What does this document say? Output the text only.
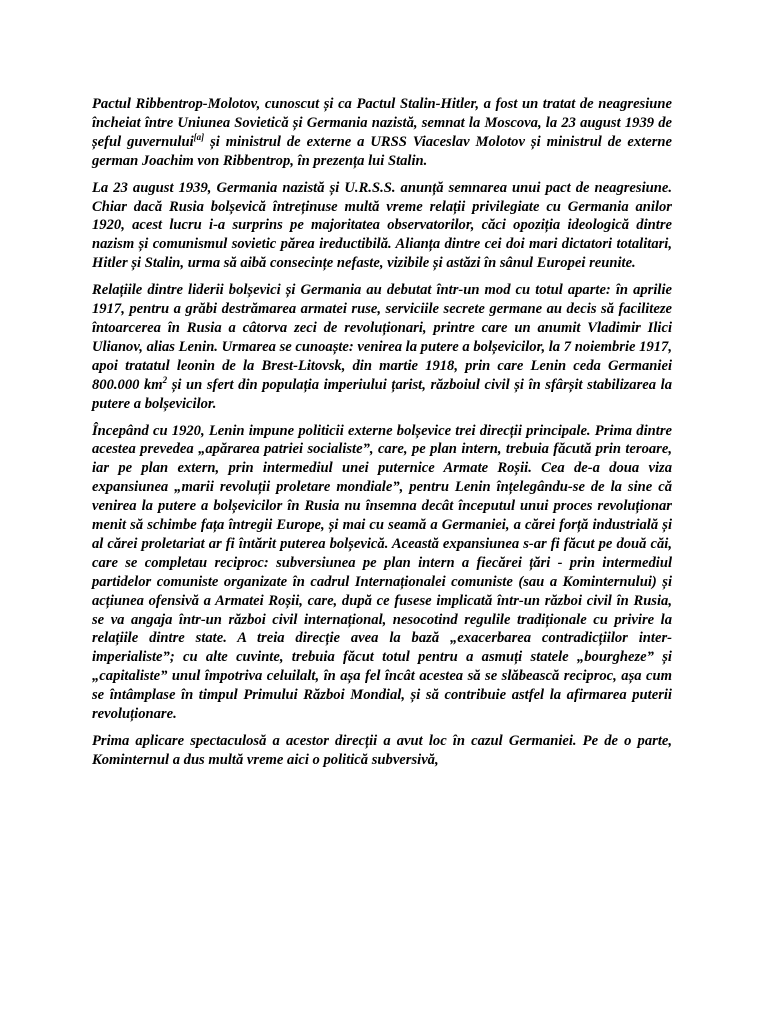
Pactul Ribbentrop-Molotov, cunoscut și ca Pactul Stalin-Hitler, a fost un tratat de neagresiune încheiat între Uniunea Sovietică și Germania nazistă, semnat la Moscova, la 23 august 1939 de șeful guvernului[a] și ministrul de externe a URSS Viaceslav Molotov și ministrul de externe german Joachim von Ribbentrop, în prezența lui Stalin.

La 23 august 1939, Germania nazistă și U.R.S.S. anunță semnarea unui pact de neagresiune. Chiar dacă Rusia bolșevică întreținuse multă vreme relații privilegiate cu Germania anilor 1920, acest lucru i-a surprins pe majoritatea observatorilor, căci opoziția ideologică dintre nazism și comunismul sovietic părea ireductibilă. Alianța dintre cei doi mari dictatori totalitari, Hitler și Stalin, urma să aibă consecințe nefaste, vizibile și astăzi în sânul Europei reunite.

Relațiile dintre liderii bolșevici și Germania au debutat într-un mod cu totul aparte: în aprilie 1917, pentru a grăbi destrămarea armatei ruse, serviciile secrete germane au decis să faciliteze întoarcerea în Rusia a câtorva zeci de revoluționari, printre care un anumit Vladimir Ilici Ulianov, alias Lenin. Urmarea se cunoaște: venirea la putere a bolșevicilor, la 7 noiembrie 1917, apoi tratatul leonin de la Brest-Litovsk, din martie 1918, prin care Lenin ceda Germaniei 800.000 $km^2$ și un sfert din populația imperiului țarist, războiul civil și în sfârșit stabilizarea la putere a bolșevicilor.

Începând cu 1920, Lenin impune politicii externe bolșevice trei direcții principale. Prima dintre acestea prevedea „apărarea patriei socialiste”, care, pe plan intern, trebuia făcută prin teroare, iar pe plan extern, prin intermediul unei puternice Armate Roșii. Cea de-a doua viza expansiunea „marii revoluții proletare mondiale”, pentru Lenin înțelegându-se de la sine că venirea la putere a bolșevicilor în Rusia nu însemna decât începutul unui proces revoluționar menit să schimbe fața întregii Europe, și mai cu seamă a Germaniei, a cărei forță industrială și al cărei proletariat ar fi întărit puterea bolșevică. Această expansiunea s-ar fi făcut pe două căi, care se completau reciproc: subversiunea pe plan intern a fiecărei țări - prin intermediul partidelor comuniste organizate în cadrul Internaționalei comuniste (sau a Kominternului) și acțiunea ofensivă a Armatei Roșii, care, după ce fusese implicată într-un război civil în Rusia, se va angaja într-un război civil internațional, nesocotind regulile tradiționale cu privire la relațiile dintre state. A treia direcție avea la bază „exacerbarea contradicțiilor inter-imperialiste”; cu alte cuvinte, trebuia făcut totul pentru a asmuți statele „bourgheze” și „capitaliste” unul împotriva celuilalt, în așa fel încât acestea să se slăbească reciproc, așa cum se întâmplase în timpul Primului Război Mondial, și să contribuie astfel la afirmarea puterii revoluționare.

Prima aplicare spectaculosă a acestor direcții a avut loc în cazul Germaniei. Pe de o parte, Kominternul a dus multă vreme aici o politică subversivă,
